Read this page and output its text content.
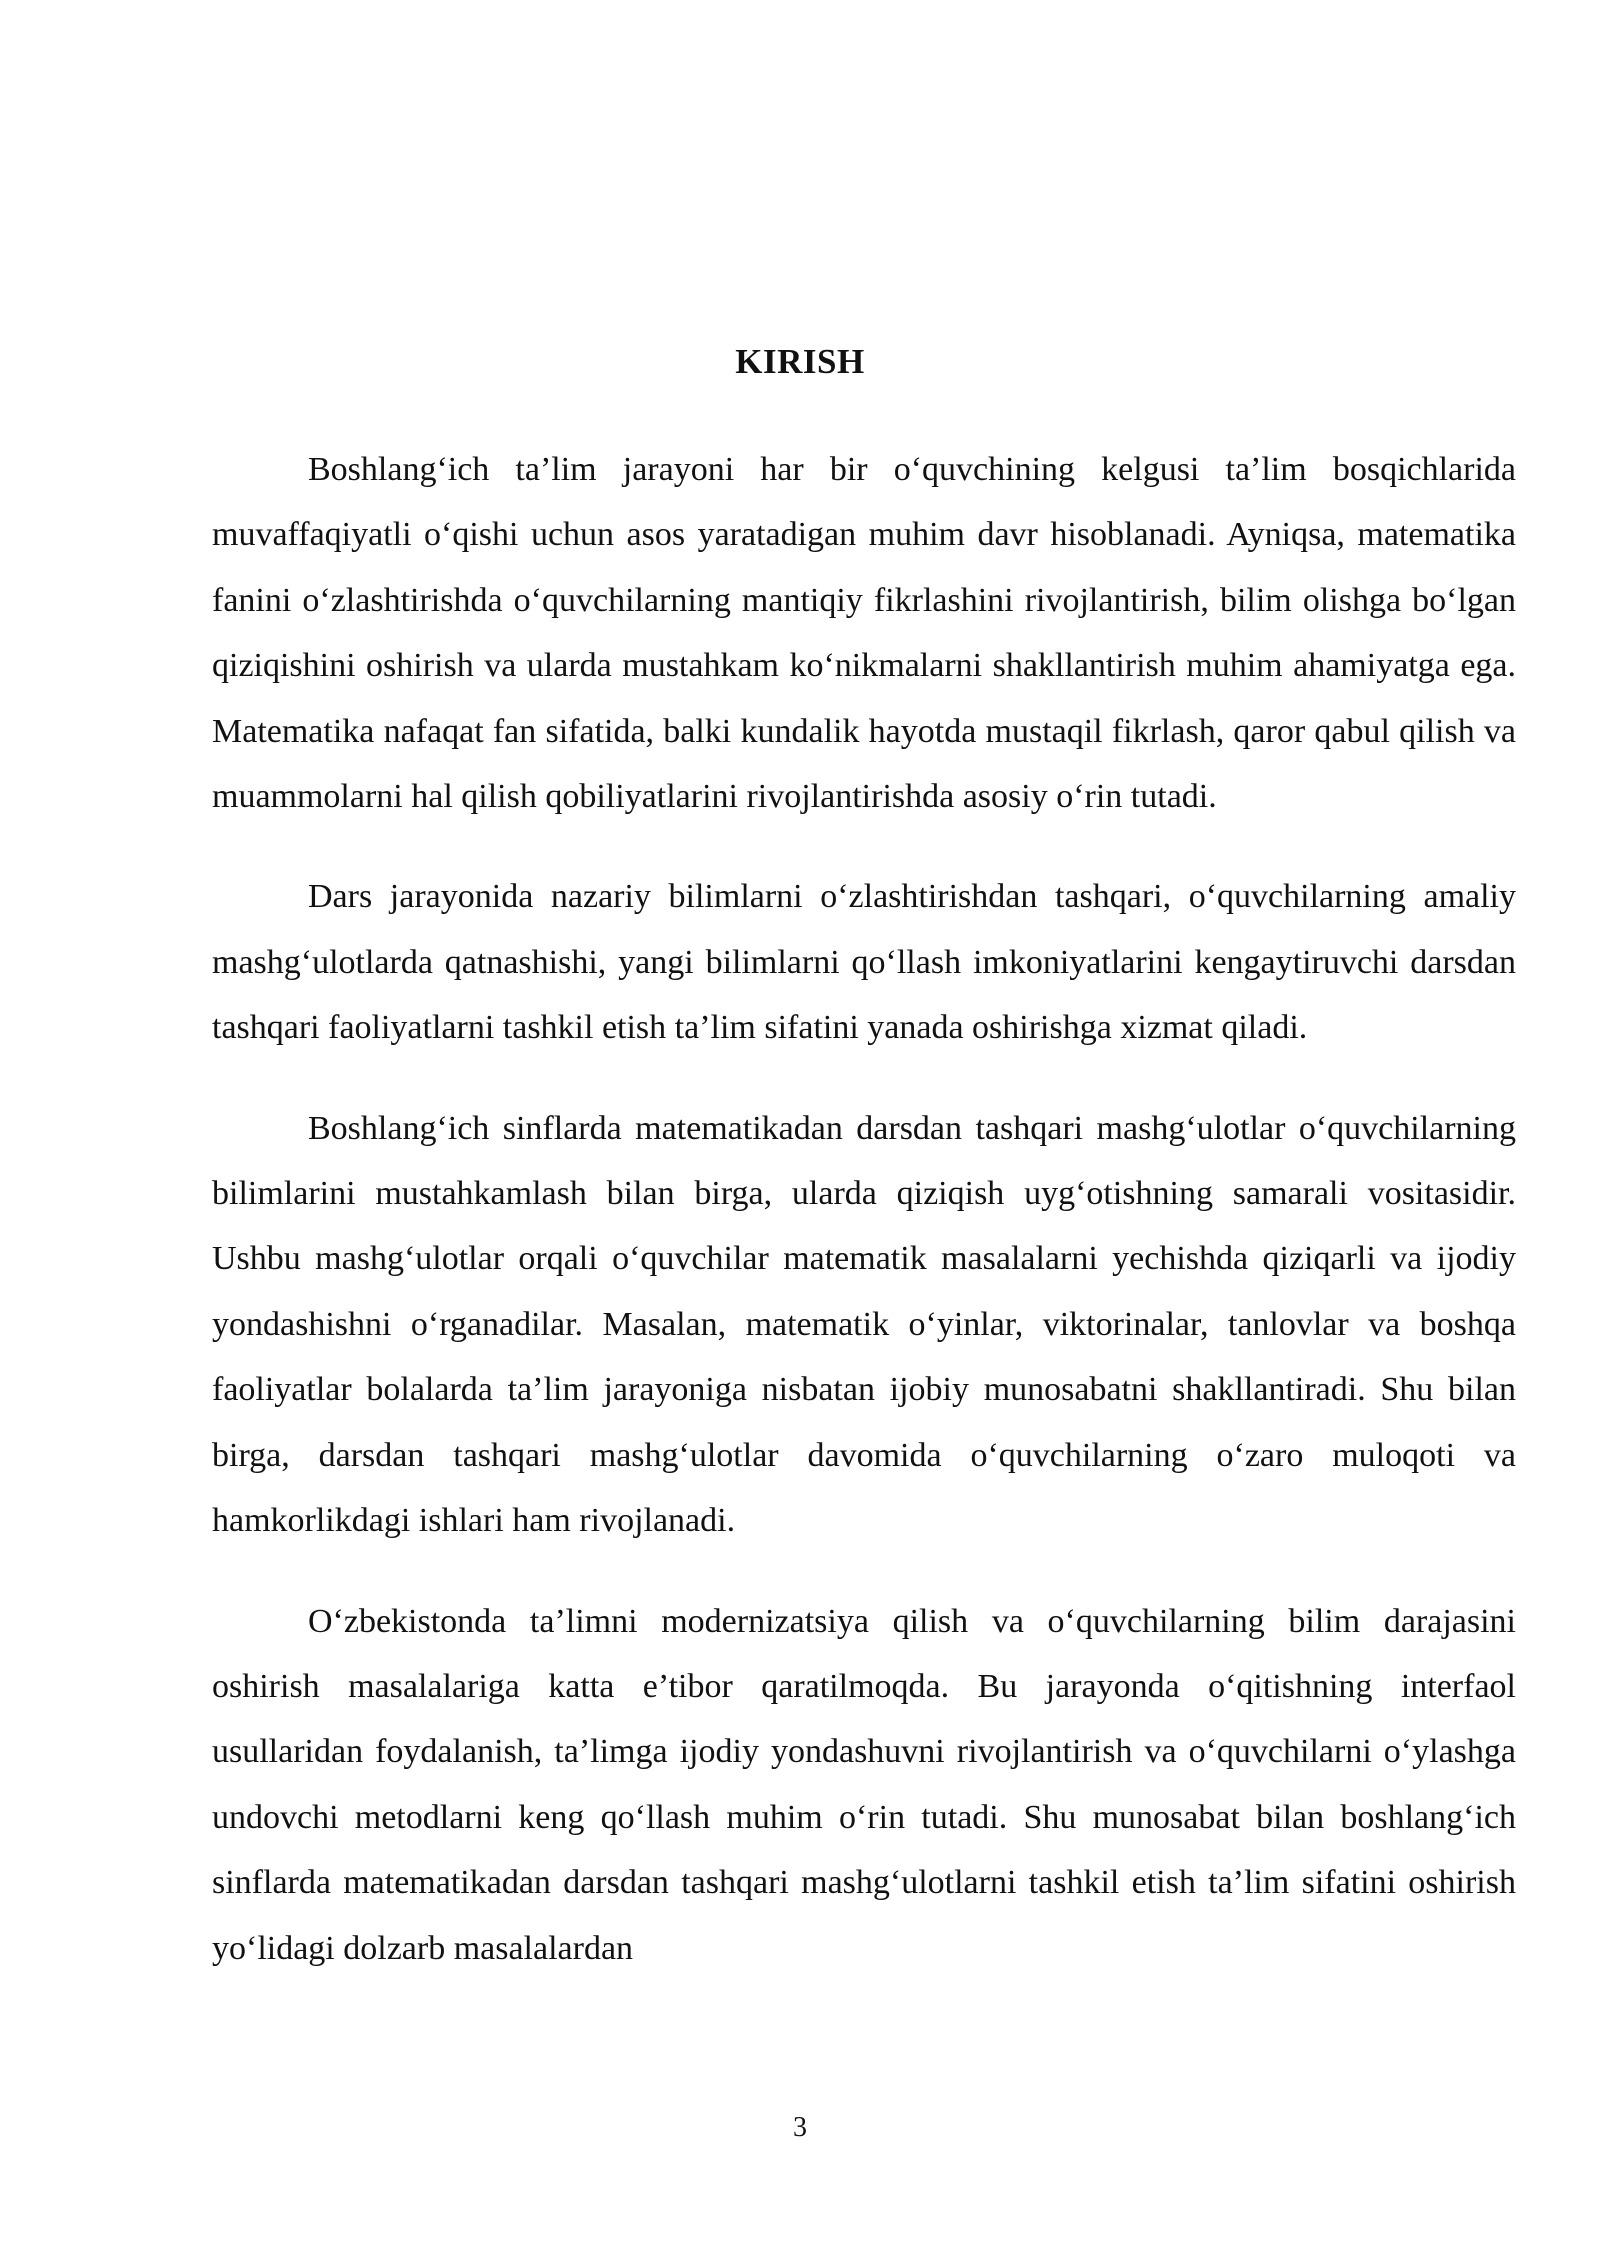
KIRISH

Boshlang‘ich ta’lim jarayoni har bir o‘quvchining kelgusi ta’lim bosqichlarida muvaffaqiyatli o‘qishi uchun asos yaratadigan muhim davr hisoblanadi. Ayniqsa, matematika fanini o‘zlashtirishda o‘quvchilarning mantiqiy fikrlashini rivojlantirish, bilim olishga bo‘lgan qiziqishini oshirish va ularda mustahkam ko‘nikmalarni shakllantirish muhim ahamiyatga ega. Matematika nafaqat fan sifatida, balki kundalik hayotda mustaqil fikrlash, qaror qabul qilish va muammolarni hal qilish qobiliyatlarini rivojlantirishda asosiy o‘rin tutadi.

Dars jarayonida nazariy bilimlarni o‘zlashtirishdan tashqari, o‘quvchilarning amaliy mashg‘ulotlarda qatnashishi, yangi bilimlarni qo‘llash imkoniyatlarini kengaytiruvchi darsdan tashqari faoliyatlarni tashkil etish ta’lim sifatini yanada oshirishga xizmat qiladi.

Boshlang‘ich sinflarda matematikadan darsdan tashqari mashg‘ulotlar o‘quvchilarning bilimlarini mustahkamlash bilan birga, ularda qiziqish uyg‘otishning samarali vositasidir. Ushbu mashg‘ulotlar orqali o‘quvchilar matematik masalalarni yechishda qiziqarli va ijodiy yondashishni o‘rganadilar. Masalan, matematik o‘yinlar, viktorinalar, tanlovlar va boshqa faoliyatlar bolalarda ta’lim jarayoniga nisbatan ijobiy munosabatni shakllantiradi. Shu bilan birga, darsdan tashqari mashg‘ulotlar davomida o‘quvchilarning o‘zaro muloqoti va hamkorlikdagi ishlari ham rivojlanadi.

O‘zbekistonda ta’limni modernizatsiya qilish va o‘quvchilarning bilim darajasini oshirish masalalariga katta e’tibor qaratilmoqda. Bu jarayonda o‘qitishning interfaol usullaridan foydalanish, ta’limga ijodiy yondashuvni rivojlantirish va o‘quvchilarni o‘ylashga undovchi metodlarni keng qo‘llash muhim o‘rin tutadi. Shu munosabat bilan boshlang‘ich sinflarda matematikadan darsdan tashqari mashg‘ulotlarni tashkil etish ta’lim sifatini oshirish yo‘lidagi dolzarb masalalardan

3
